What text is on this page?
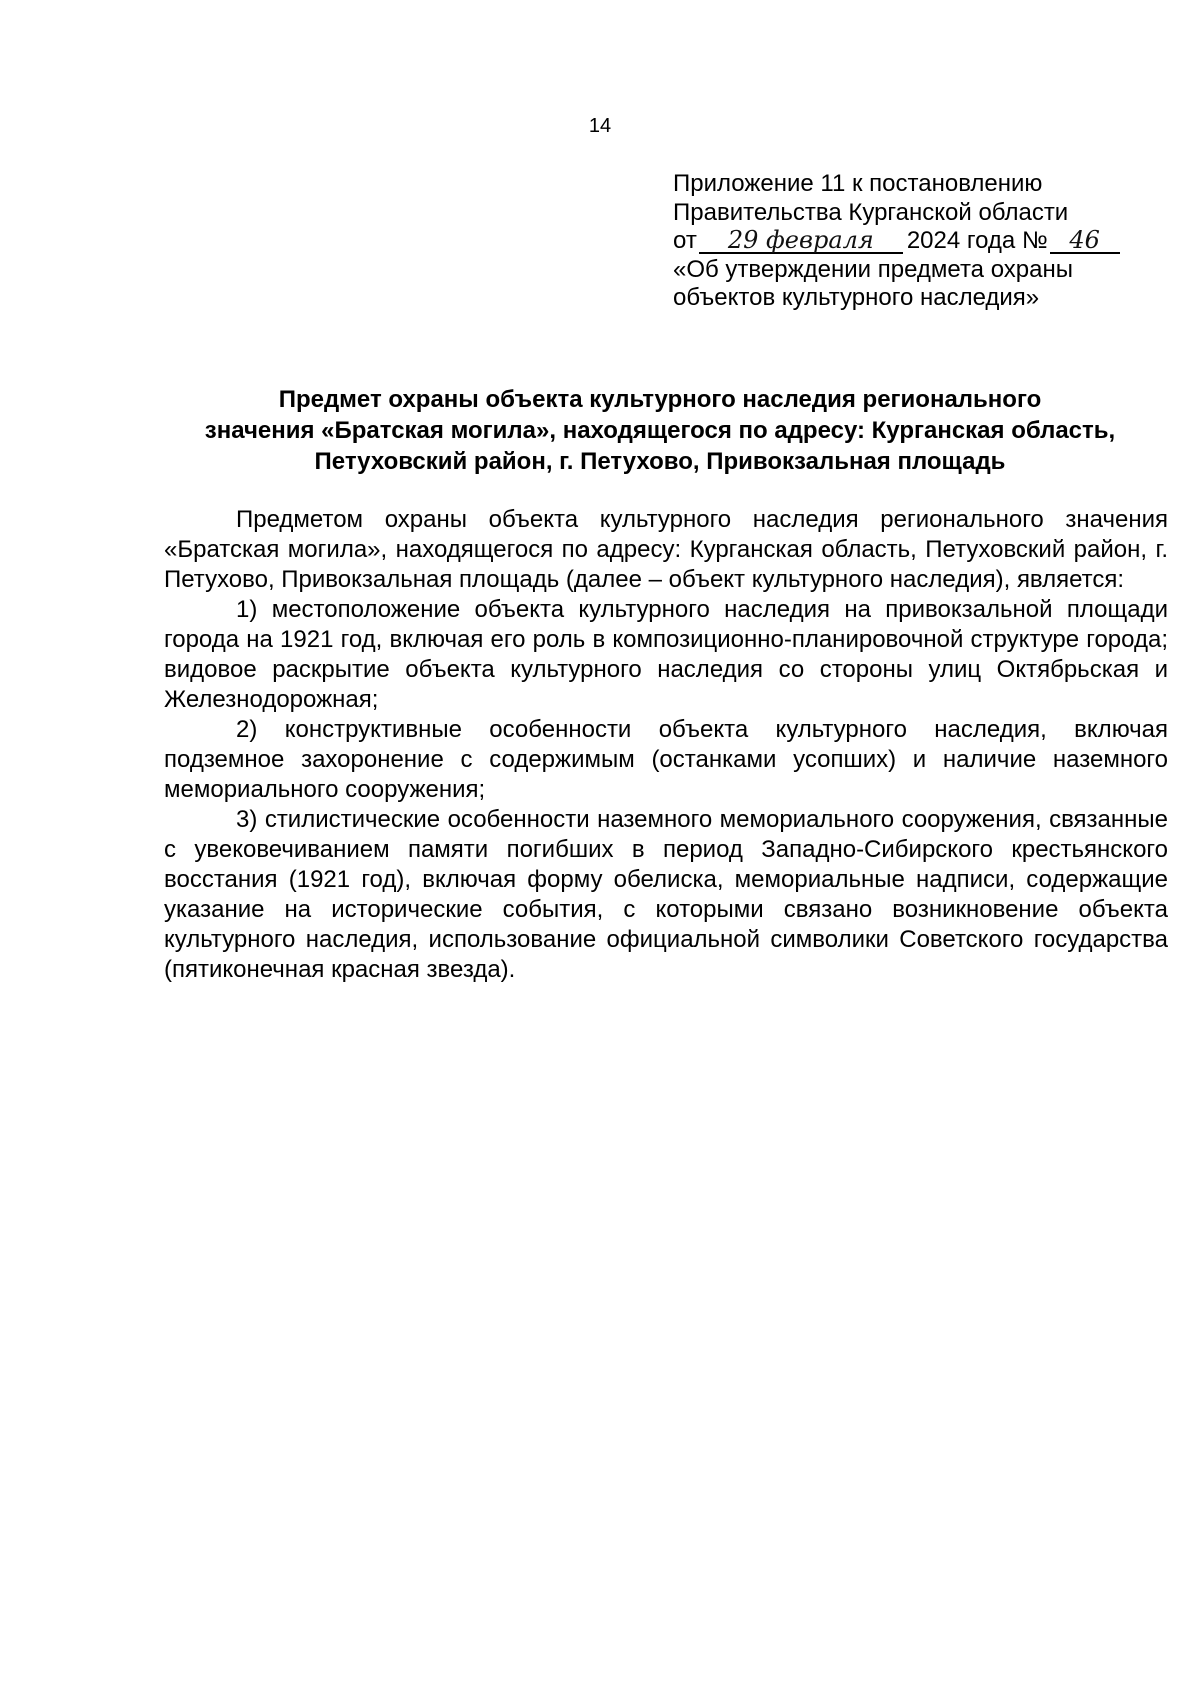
14
Приложение 11 к постановлению
Правительства Курганской области
от 29 февраля 2024 года № 46
«Об утверждении предмета охраны
объектов культурного наследия»
Предмет охраны объекта культурного наследия регионального
значения «Братская могила», находящегося по адресу: Курганская область,
Петуховский район, г. Петухово, Привокзальная площадь

Предметом охраны объекта культурного наследия регионального значения «Братская могила», находящегося по адресу: Курганская область, Петуховский район, г. Петухово, Привокзальная площадь (далее – объект культурного наследия), является:

1) местоположение объекта культурного наследия на привокзальной площади города на 1921 год, включая его роль в композиционно-планировочной структуре города; видовое раскрытие объекта культурного наследия со стороны улиц Октябрьская и Железнодорожная;

2) конструктивные особенности объекта культурного наследия, включая подземное захоронение с содержимым (останками усопших) и наличие наземного мемориального сооружения;

3) стилистические особенности наземного мемориального сооружения, связанные с увековечиванием памяти погибших в период Западно-Сибирского крестьянского восстания (1921 год), включая форму обелиска, мемориальные надписи, содержащие указание на исторические события, с которыми связано возникновение объекта культурного наследия, использование официальной символики Советского государства (пятиконечная красная звезда).
